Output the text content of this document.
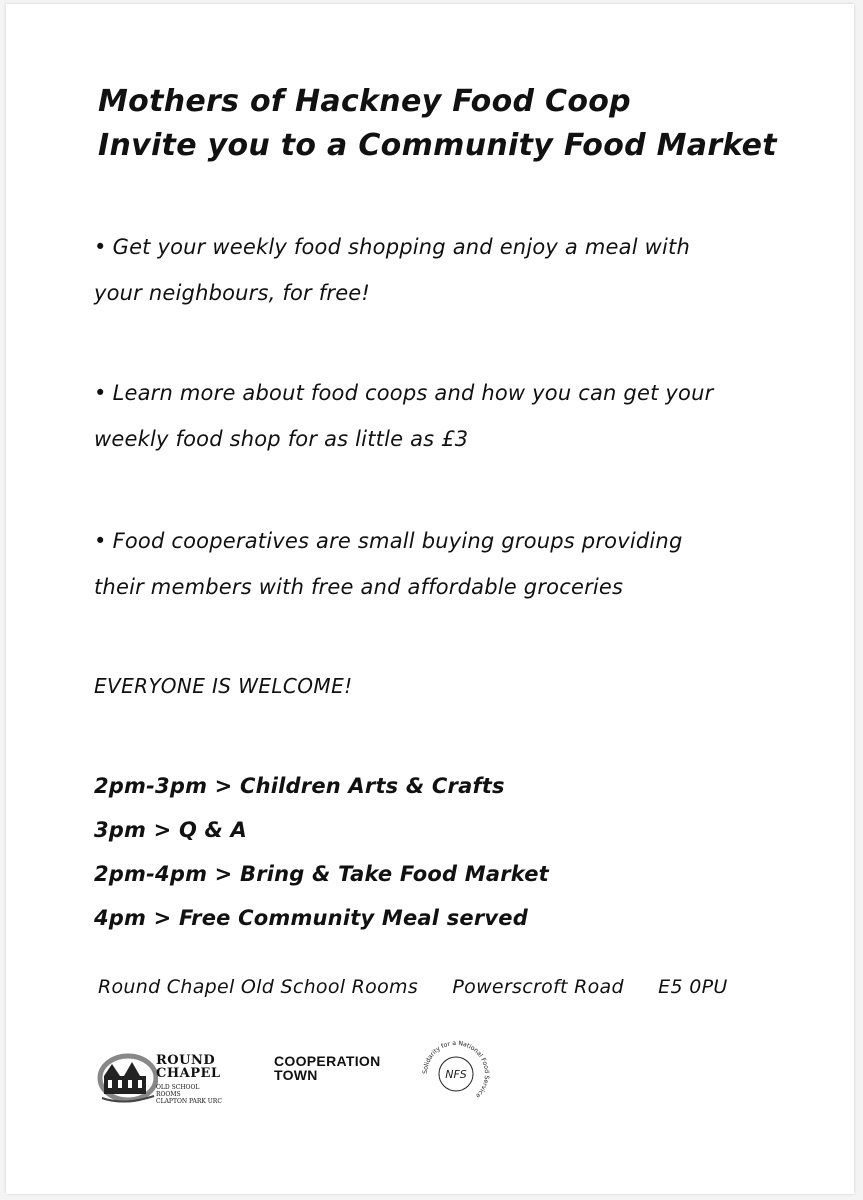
Mothers of Hackney Food Coop
Invite you to a Community Food Market
• Get your weekly food shopping and enjoy a meal with
your neighbours, for free!
• Learn more about food coops and how you can get your
weekly food shop for as little as £3
• Food cooperatives are small buying groups providing
their members with free and affordable groceries
EVERYONE IS WELCOME!
2pm-3pm > Children Arts & Crafts
3pm > Q & A
2pm-4pm > Bring & Take Food Market
4pm > Free Community Meal served
Round Chapel Old School Rooms Powerscroft Road E5 0PU
ROUND
CHAPEL
OLD SCHOOL ROOMS
CLAPTON PARK URC
COOPERATION
TOWN	Solidarity for a National Food Service
NFS
